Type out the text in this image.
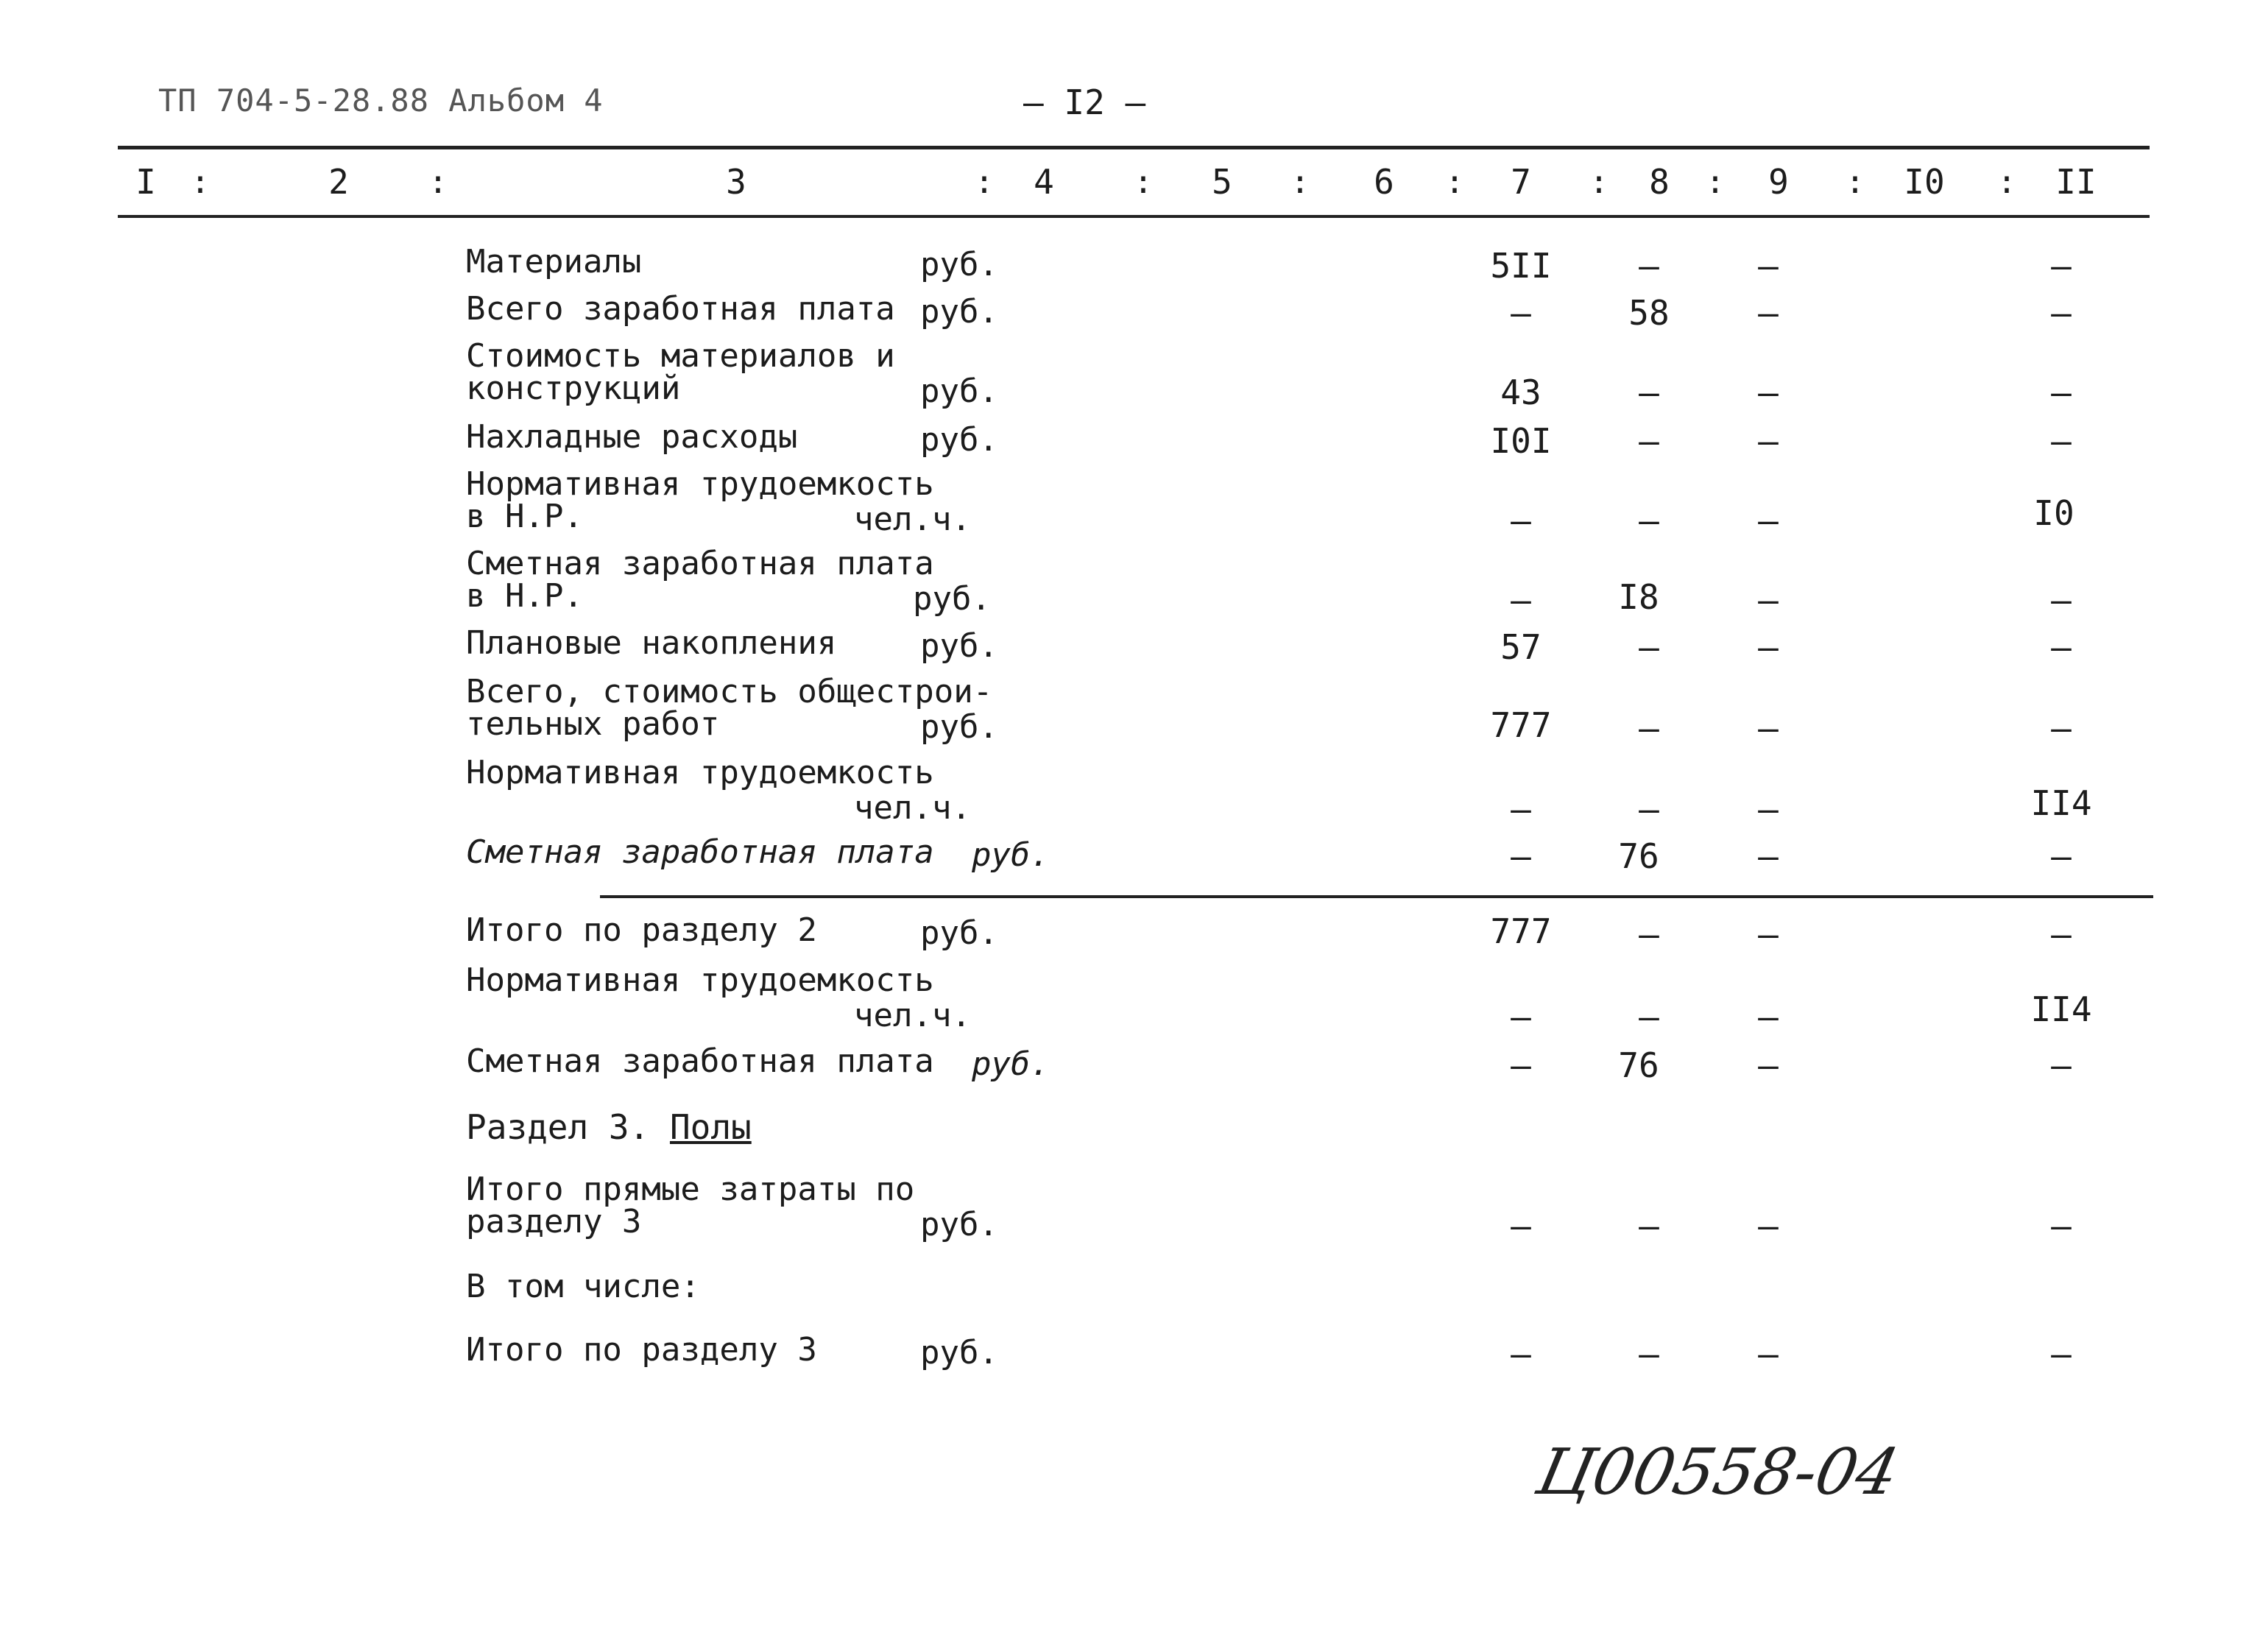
ТП 704-5-28.88 Альбом 4	– I2 –
I :	2 :	3	: 4 : 5 : 6 : 7 : 8 : 9 : I0 : II
Материалы	руб.	5II	–	–	–
Всего заработная плата руб.	–	58	–	–
Стоимость материалов и
конструкций	руб.	43	–	–	–
Нахладные расходы	руб.	I0I	–	–	–
Нормативная трудоемкость
в Н.Р.	чел.ч.	–	–	–	I0
Сметная заработная плата
в Н.Р.	руб.	–	I8	–	–
Плановые накопления	руб.	57	–	–	–
Всего, стоимость общестрои-
тельных работ	руб.	777	–	–	–
Нормативная трудоемкость
чел.ч.	–	–	–	II4
Сметная заработная плата руб.	–	76	–	–
Итого по разделу 2	руб.	777	–	–	–
Нормативная трудоемкость
чел.ч.	–	–	–	II4
Сметная заработная плата руб.	–	76	–	–
Раздел 3. Полы
Итого прямые затраты по
разделу 3	руб.	–	–	–	–
В том числе:
Итого по разделу 3	руб.	–	–	–	–
Ц00558-04
